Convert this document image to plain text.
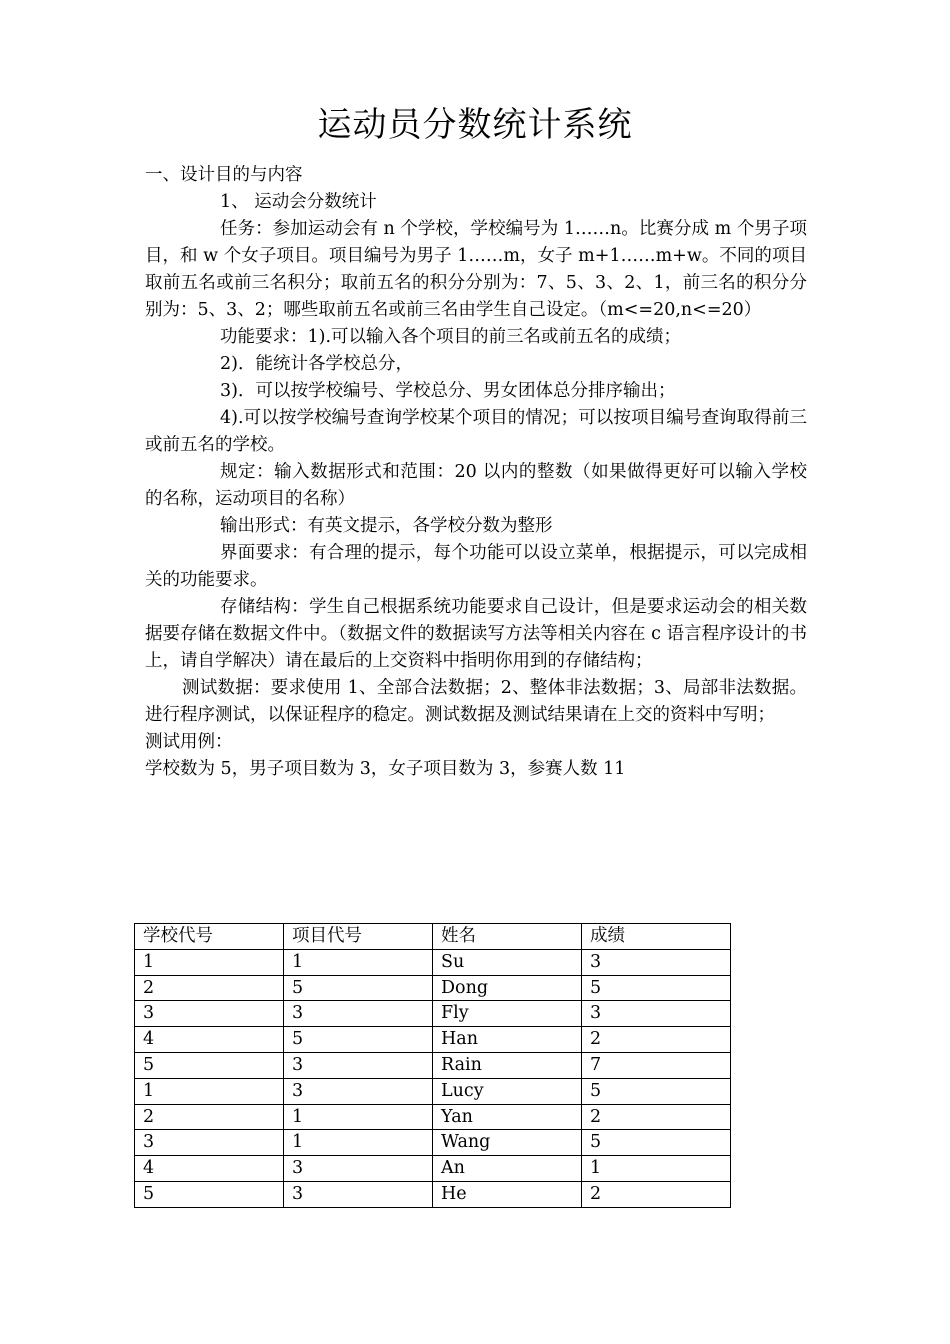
运动员分数统计系统

一、设计目的与内容

1、 运动会分数统计

任务：参加运动会有 n 个学校，学校编号为 1……n。比赛分成 m 个男子项目，和 w 个女子项目。项目编号为男子 1……m，女子 m+1……m+w。不同的项目取前五名或前三名积分；取前五名的积分分别为：7、5、3、2、1，前三名的积分分别为：5、3、2；哪些取前五名或前三名由学生自己设定。（m<=20,n<=20）

功能要求：1).可以输入各个项目的前三名或前五名的成绩；

2)．能统计各学校总分，

3)．可以按学校编号、学校总分、男女团体总分排序输出；

4).可以按学校编号查询学校某个项目的情况；可以按项目编号查询取得前三或前五名的学校。

规定：输入数据形式和范围：20 以内的整数（如果做得更好可以输入学校的名称，运动项目的名称）

输出形式：有英文提示，各学校分数为整形

界面要求：有合理的提示，每个功能可以设立菜单，根据提示，可以完成相关的功能要求。

存储结构：学生自己根据系统功能要求自己设计，但是要求运动会的相关数据要存储在数据文件中。（数据文件的数据读写方法等相关内容在 c 语言程序设计的书上，请自学解决）请在最后的上交资料中指明你用到的存储结构；

测试数据：要求使用 1、全部合法数据；2、整体非法数据；3、局部非法数据。进行程序测试，以保证程序的稳定。测试数据及测试结果请在上交的资料中写明；

测试用例：

学校数为 5，男子项目数为 3，女子项目数为 3，参赛人数 11

学校代号	项目代号	姓名	成绩
1	1	Su	3
2	5	Dong	5
3	3	Fly	3
4	5	Han	2
5	3	Rain	7
1	3	Lucy	5
2	1	Yan	2
3	1	Wang	5
4	3	An	1
5	3	He	2
